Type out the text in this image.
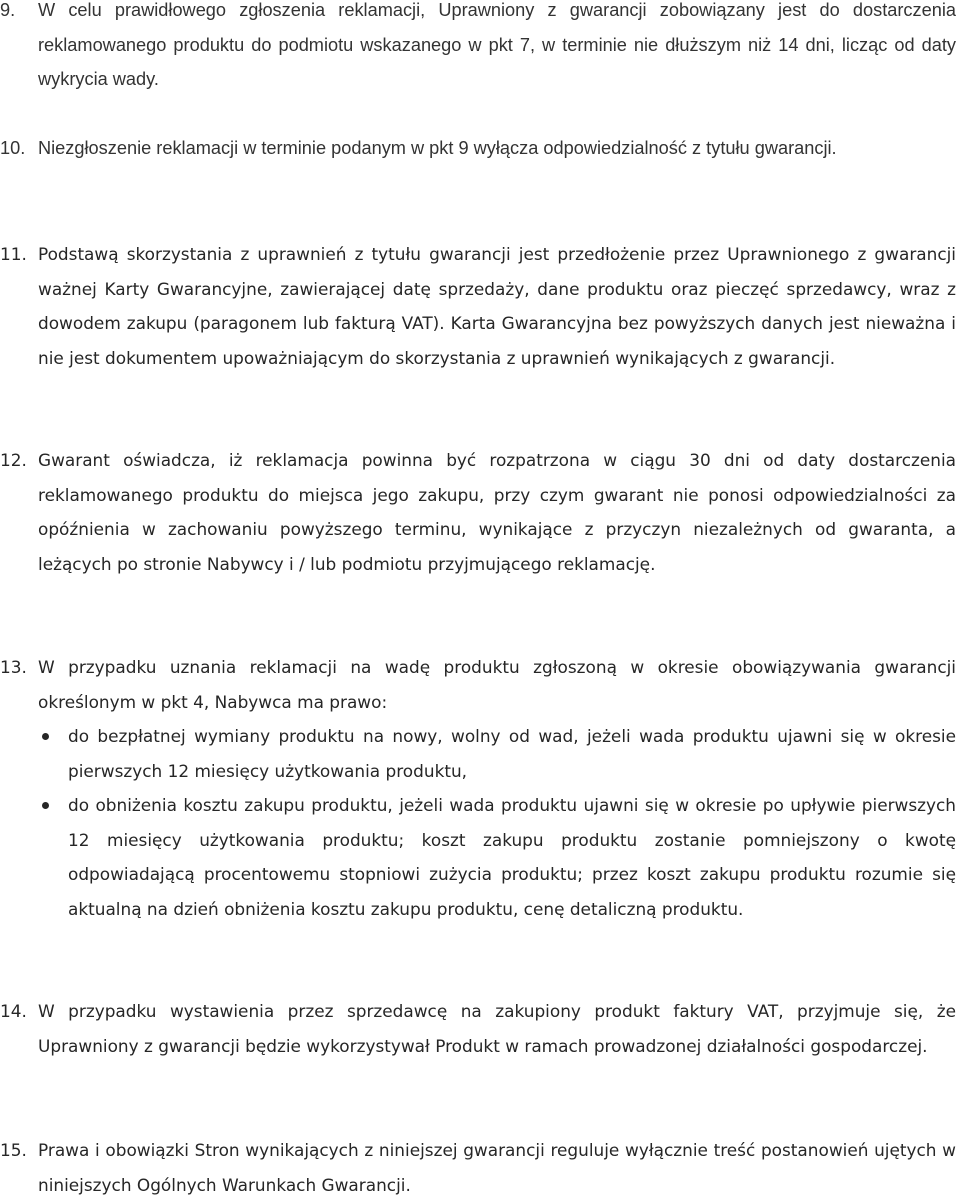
9. W celu prawidłowego zgłoszenia reklamacji, Uprawniony z gwarancji zobowiązany jest do dostarczenia reklamowanego produktu do podmiotu wskazanego w pkt 7, w terminie nie dłuższym niż 14 dni, licząc od daty wykrycia wady.
10. Niezgłoszenie reklamacji w terminie podanym w pkt 9 wyłącza odpowiedzialność z tytułu gwarancji.
11. Podstawą skorzystania z uprawnień z tytułu gwarancji jest przedłożenie przez Uprawnionego z gwarancji ważnej Karty Gwarancyjne, zawierającej datę sprzedaży, dane produktu oraz pieczęć sprzedawcy, wraz z dowodem zakupu (paragonem lub fakturą VAT). Karta Gwarancyjna bez powyższych danych jest nieważna i nie jest dokumentem upoważniającym do skorzystania z uprawnień wynikających z gwarancji.
12. Gwarant oświadcza, iż reklamacja powinna być rozpatrzona w ciągu 30 dni od daty dostarczenia reklamowanego produktu do miejsca jego zakupu, przy czym gwarant nie ponosi odpowiedzialności za opóźnienia w zachowaniu powyższego terminu, wynikające z przyczyn niezależnych od gwaranta, a leżących po stronie Nabywcy i / lub podmiotu przyjmującego reklamację.
13. W przypadku uznania reklamacji na wadę produktu zgłoszoną w okresie obowiązywania gwarancji określonym w pkt 4, Nabywca ma prawo:
do bezpłatnej wymiany produktu na nowy, wolny od wad, jeżeli wada produktu ujawni się w okresie pierwszych 12 miesięcy użytkowania produktu,
do obniżenia kosztu zakupu produktu, jeżeli wada produktu ujawni się w okresie po upływie pierwszych 12 miesięcy użytkowania produktu; koszt zakupu produktu zostanie pomniejszony o kwotę odpowiadającą procentowemu stopniowi zużycia produktu; przez koszt zakupu produktu rozumie się aktualną na dzień obniżenia kosztu zakupu produktu, cenę detaliczną produktu.
14. W przypadku wystawienia przez sprzedawcę na zakupiony produkt faktury VAT, przyjmuje się, że Uprawniony z gwarancji będzie wykorzystywał Produkt w ramach prowadzonej działalności gospodarczej.
15. Prawa i obowiązki Stron wynikających z niniejszej gwarancji reguluje wyłącznie treść postanowień ujętych w niniejszych Ogólnych Warunkach Gwarancji.
